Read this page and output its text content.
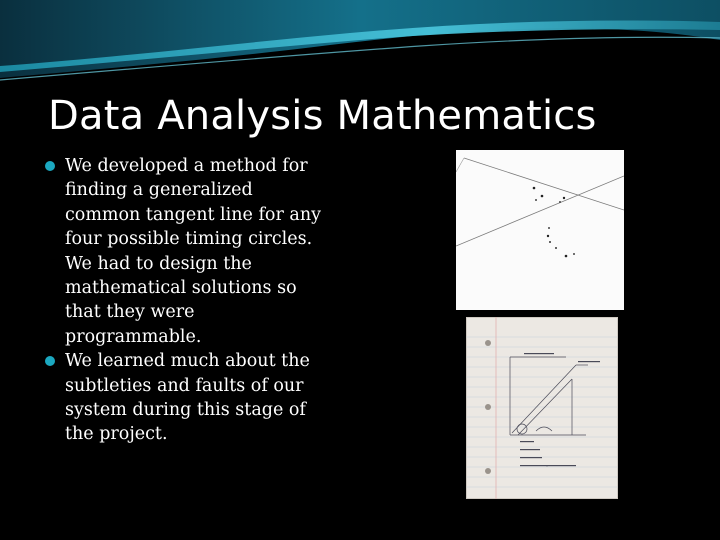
Data Analysis Mathematics
We developed a method for finding a generalized common tangent line for any four possible timing circles. We had to design the mathematical solutions so that they were programmable.
We learned much about the subtleties and faults of our system during this stage of the project.
